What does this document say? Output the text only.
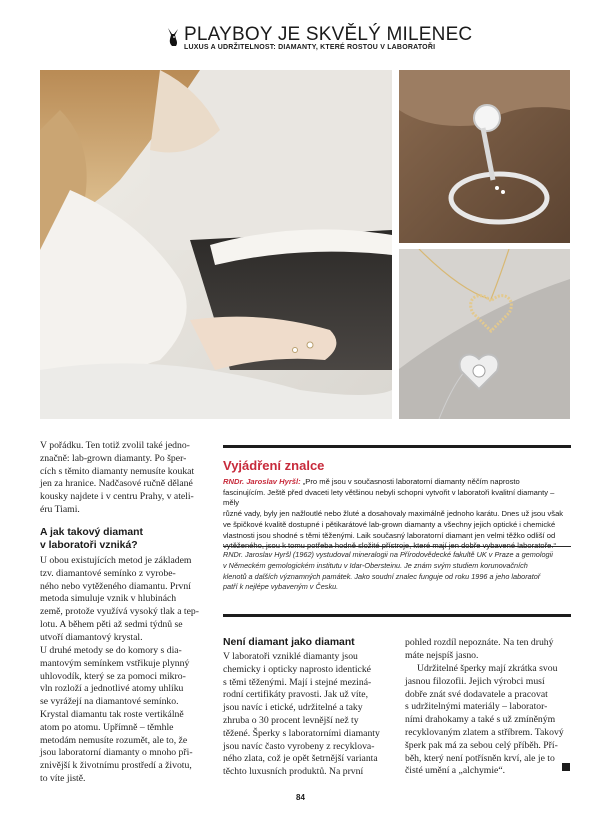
PLAYBOY JE SKVĚLÝ MILENEC
LUXUS A UDRŽITELNOST: DIAMANTY, KTERÉ ROSTOU V LABORATOŘI
V pořádku. Ten totiž zvolil také jedno-
značně: lab-grown diamanty. Po šper-
cích s těmito diamanty nemusíte koukat
jen za hranice. Nadčasové ručně dělané
kousky najdete i v centru Prahy, v ateli-
éru Tiami.
A jak takový diamant
v laboratoři vzniká?
U obou existujících metod je základem
tzv. diamantové semínko z vyrobe-
ného nebo vytěženého diamantu. První
metoda simuluje vznik v hlubinách
země, protože využívá vysoký tlak a tep-
lotu. A během pěti až sedmi týdnů se
utvoří diamantový krystal.
U druhé metody se do komory s dia-
mantovým semínkem vstřikuje plynný
uhlovodík, který se za pomoci mikro-
vln rozloží a jednotlivé atomy uhlíku
se vyrážejí na diamantové semínko.
Krystal diamantu tak roste vertikálně
atom po atomu. Upřímně – těmhle
metodám nemusíte rozumět, ale to, že
jsou laboratorní diamanty o mnoho při-
znivější k životnímu prostředí a životu,
to víte jistě.
Vyjádření znalce
RNDr. Jaroslav Hyršl: „Pro mě jsou v současnosti laboratorní diamanty něčím naprosto
fascinujícím. Ještě před dvaceti lety většinou nebyli schopni vytvořit v laboratoři kvalitní diamanty – měly
různé vady, byly jen nažloutlé nebo žluté a dosahovaly maximálně jednoho karátu. Dnes už jsou však
ve špičkové kvalitě dostupné i pětikarátové lab-grown diamanty a všechny jejich optické i chemické
vlastnosti jsou shodné s těmi těženými. Laik současný laboratorní diamant jen velmi těžko odliší od

RNDr. Jaroslav Hyršl (1962) vystudoval mineralogii na Přírodovědecké fakultě UK v Praze a gemologii
v Německém gemologickém institutu v Idar-Obersteinu. Je znám svým studiem korunovačních
klenotů a dalších významných památek. Jako soudní znalec funguje od roku 1996 a jeho laboratoř
patří k nejlépe vybaveným v Česku.
Není diamant jako diamant
V laboratoři vzniklé diamanty jsou
chemicky i opticky naprosto identické
s těmi těženými. Mají i stejné meziná-
rodní certifikáty pravosti. Jak už víte,
jsou navíc i etické, udržitelné a taky
zhruba o 30 procent levnější než ty
těžené. Šperky s laboratorními diamanty
jsou navíc často vyrobeny z recyklova-
ného zlata, což je opět šetrnější varianta
těchto luxusních produktů. Na první
pohled rozdíl nepoznáte. Na ten druhý
máte nejspíš jasno.
Udržitelné šperky mají zkrátka svou
jasnou filozofii. Jejich výrobci musí
dobře znát své dodavatele a pracovat
s udržitelnými materiály – laborator-
ními drahokamy a také s už zmíněným
recyklovaným zlatem a stříbrem. Takový
šperk pak má za sebou celý příběh. Pří-
běh, který není potřísněn krví, ale je to
čisté umění a „alchymie“.
84
